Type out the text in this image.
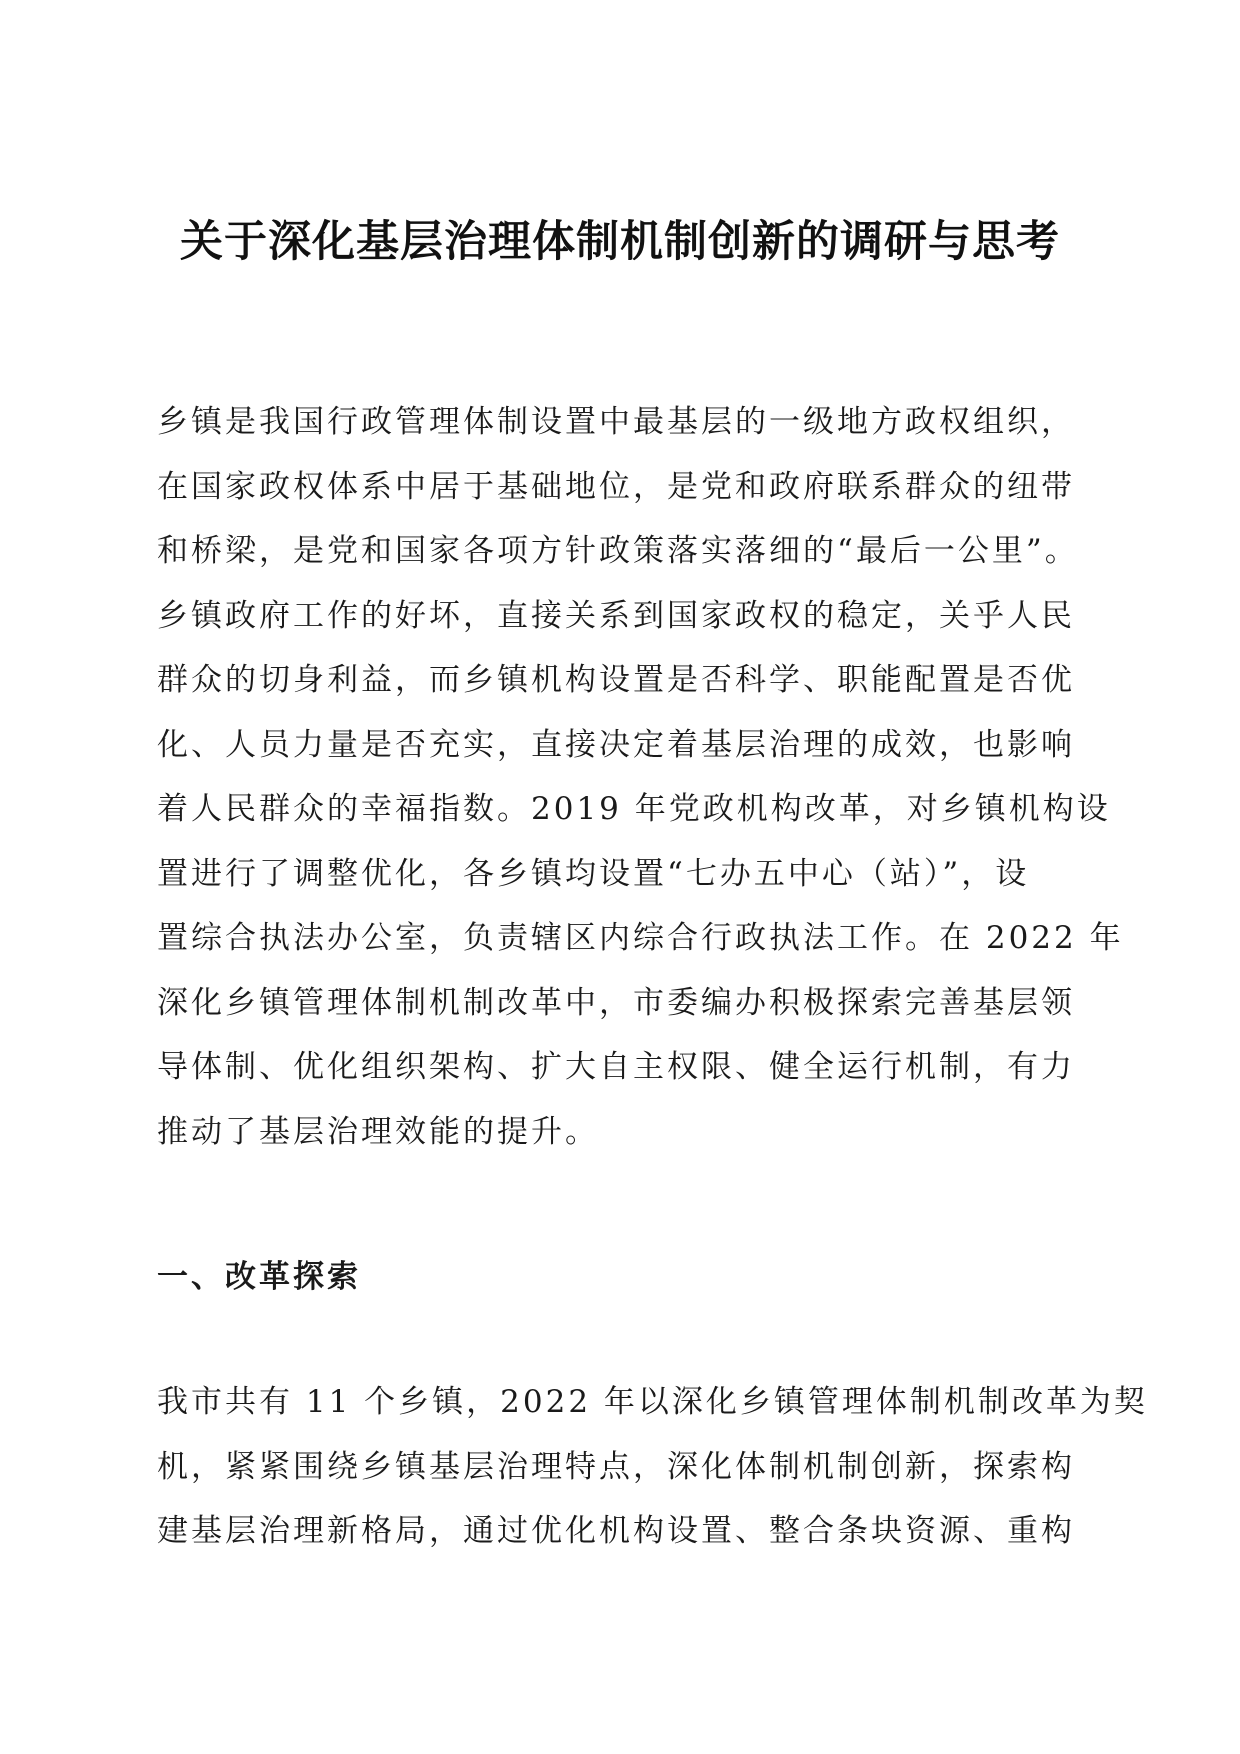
关于深化基层治理体制机制创新的调研与思考
乡镇是我国行政管理体制设置中最基层的一级地方政权组织，
在国家政权体系中居于基础地位，是党和政府联系群众的纽带
和桥梁，是党和国家各项方针政策落实落细的“最后一公里”。
乡镇政府工作的好坏，直接关系到国家政权的稳定，关乎人民
群众的切身利益，而乡镇机构设置是否科学、职能配置是否优
化、人员力量是否充实，直接决定着基层治理的成效，也影响
着人民群众的幸福指数。2019 年党政机构改革，对乡镇机构设
置进行了调整优化，各乡镇均设置“七办五中心（站）”，设
置综合执法办公室，负责辖区内综合行政执法工作。在 2022 年
深化乡镇管理体制机制改革中，市委编办积极探索完善基层领
导体制、优化组织架构、扩大自主权限、健全运行机制，有力
推动了基层治理效能的提升。
一、改革探索
我市共有 11 个乡镇，2022 年以深化乡镇管理体制机制改革为契
机，紧紧围绕乡镇基层治理特点，深化体制机制创新，探索构
建基层治理新格局，通过优化机构设置、整合条块资源、重构
